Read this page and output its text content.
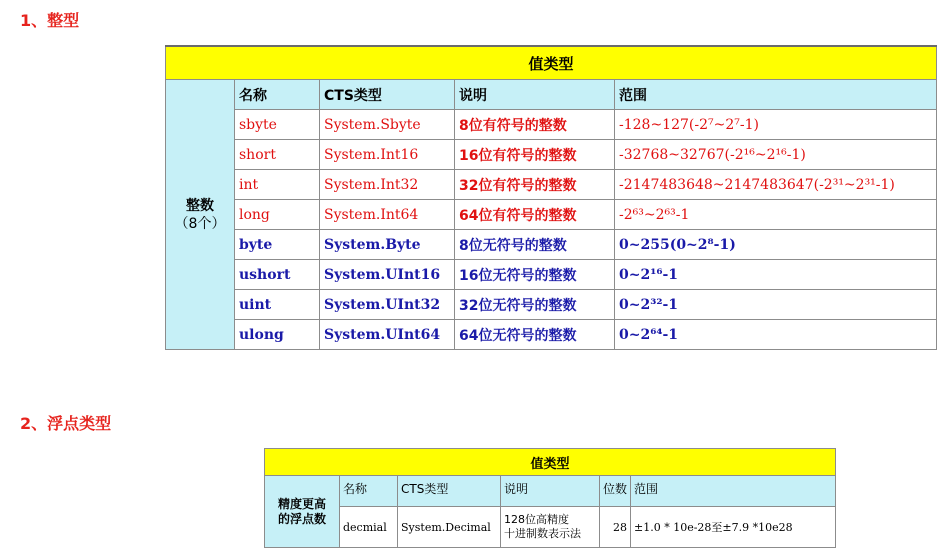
1、整型
值类型				
整数
（8个）	名称	CTS类型	说明	范围
	sbyte	System.Sbyte	8位有符号的整数	-128~127(-2⁷~2⁷-1)
	short	System.Int16	16位有符号的整数	-32768~32767(-2¹⁶~2¹⁶-1)
	int	System.Int32	32位有符号的整数	-2147483648~2147483647(-2³¹~2³¹-1)
	long	System.Int64	64位有符号的整数	-2⁶³~2⁶³-1
	byte	System.Byte	8位无符号的整数	0~255(0~2⁸-1)
	ushort	System.UInt16	16位无符号的整数	0~2¹⁶-1
	uint	System.UInt32	32位无符号的整数	0~2³²-1
	ulong	System.UInt64	64位无符号的整数	0~2⁶⁴-1
2、浮点类型
值类型					
精度更高
的浮点数	名称	CTS类型	说明	位数	范围
	decmial	System.Decimal	128位高精度
十进制数表示法	28	±1.0 * 10e-28至±7.9 *10e28
